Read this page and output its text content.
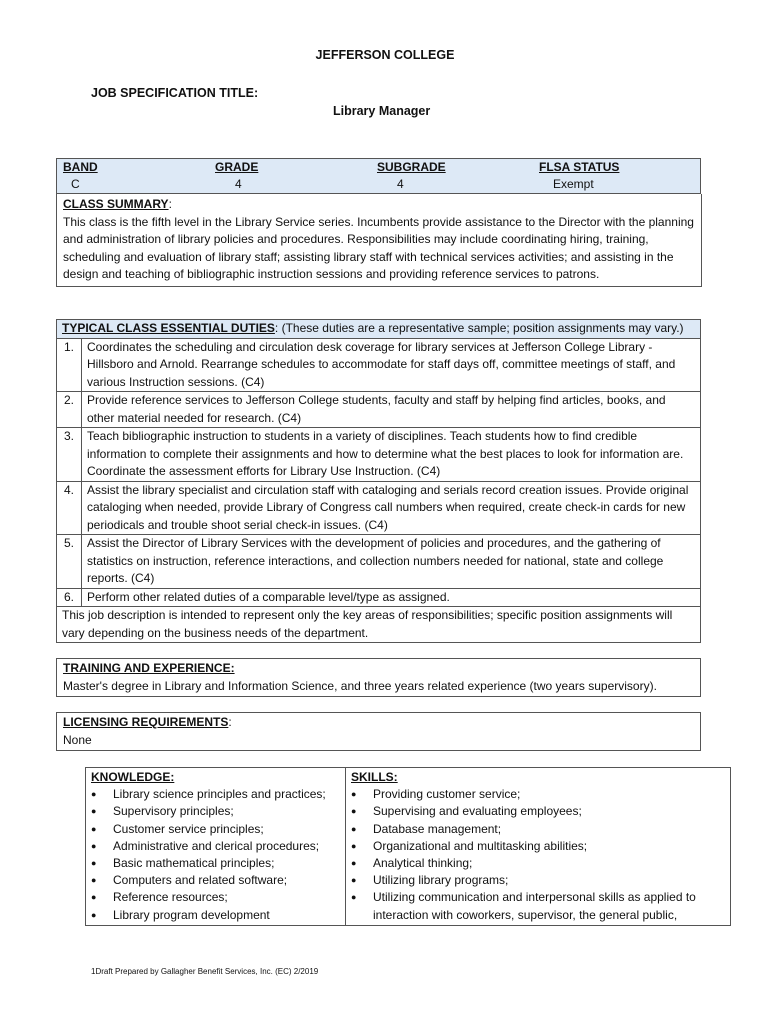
JEFFERSON COLLEGE
JOB SPECIFICATION TITLE:
Library Manager
BAND	GRADE	SUBGRADE	FLSA STATUS
C	4	4	Exempt
CLASS SUMMARY:
This class is the fifth level in the Library Service series. Incumbents provide assistance to the Director with the planning and administration of library policies and procedures. Responsibilities may include coordinating hiring, training, scheduling and evaluation of library staff; assisting library staff with technical services activities; and assisting in the design and teaching of bibliographic instruction sessions and providing reference services to patrons.
TYPICAL CLASS ESSENTIAL DUTIES: (These duties are a representative sample; position assignments may vary.)	
1.	Coordinates the scheduling and circulation desk coverage for library services at Jefferson College Library - Hillsboro and Arnold. Rearrange schedules to accommodate for staff days off, committee meetings of staff, and various Instruction sessions. (C4)
2.	Provide reference services to Jefferson College students, faculty and staff by helping find articles, books, and other material needed for research. (C4)
3.	Teach bibliographic instruction to students in a variety of disciplines. Teach students how to find credible information to complete their assignments and how to determine what the best places to look for information are. Coordinate the assessment efforts for Library Use Instruction. (C4)
4.	Assist the library specialist and circulation staff with cataloging and serials record creation issues. Provide original cataloging when needed, provide Library of Congress call numbers when required, create check-in cards for new periodicals and trouble shoot serial check-in issues. (C4)
5.	Assist the Director of Library Services with the development of policies and procedures, and the gathering of statistics on instruction, reference interactions, and collection numbers needed for national, state and college reports. (C4)
6.	Perform other related duties of a comparable level/type as assigned.
This job description is intended to represent only the key areas of responsibilities; specific position assignments will vary depending on the business needs of the department.	
TRAINING AND EXPERIENCE:
Master's degree in Library and Information Science, and three years related experience (two years supervisory).
LICENSING REQUIREMENTS:
None
KNOWLEDGE:
● Library science principles and practices;
● Supervisory principles;
● Customer service principles;
● Administrative and clerical procedures;
● Basic mathematical principles;
● Computers and related software;
● Reference resources;
● Library program development
	SKILLS:
● Providing customer service;
● Supervising and evaluating employees;
● Database management;
● Organizational and multitasking abilities;
● Analytical thinking;
● Utilizing library programs;
● Utilizing communication and interpersonal skills as applied to interaction with coworkers, supervisor, the general public,
1Draft Prepared by Gallagher Benefit Services, Inc. (EC) 2/2019
